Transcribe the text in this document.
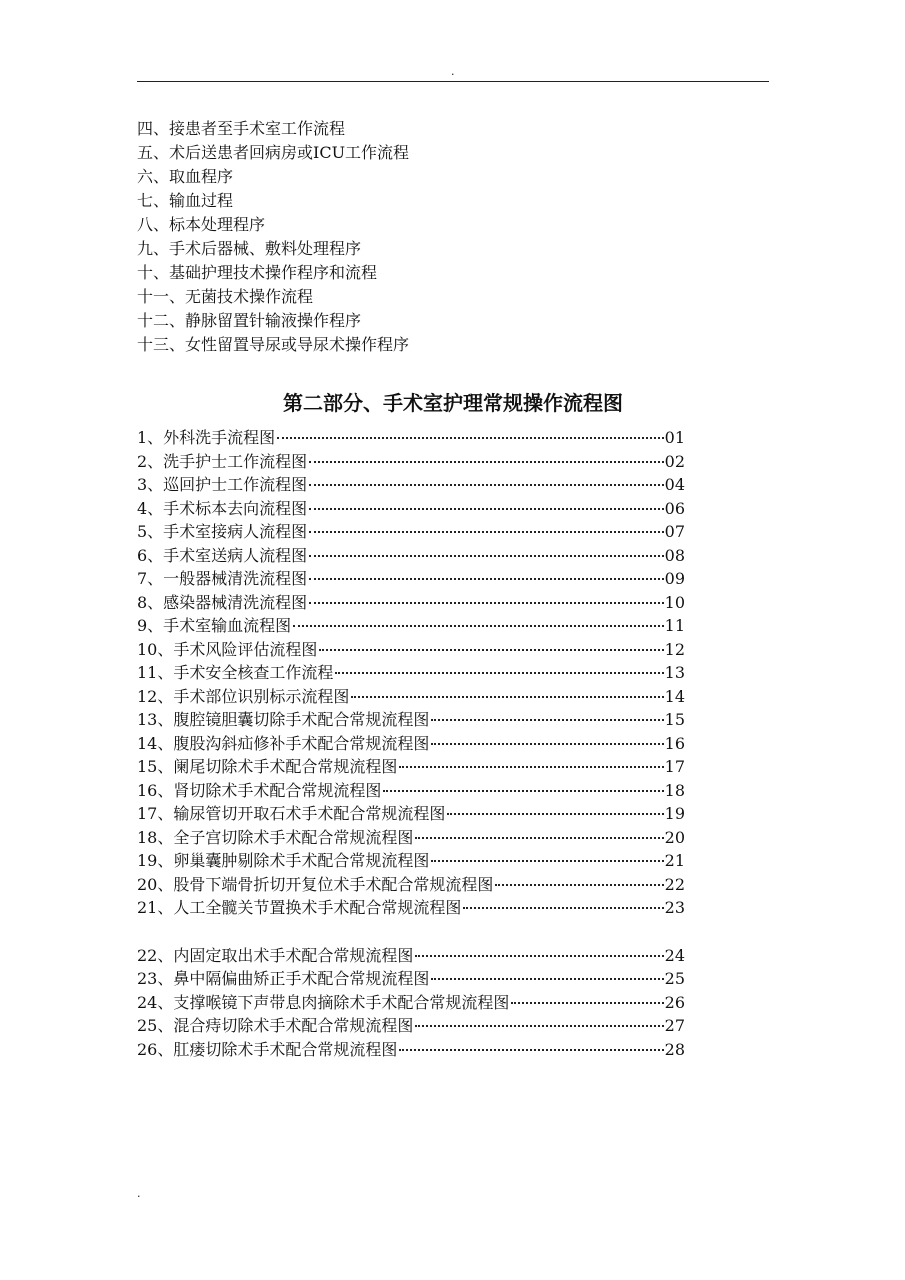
.
四、接患者至手术室工作流程
五、术后送患者回病房或ICU工作流程
六、取血程序
七、输血过程
八、标本处理程序
九、手术后器械、敷料处理程序
十、基础护理技术操作程序和流程
十一、无菌技术操作流程
十二、静脉留置针输液操作程序
十三、女性留置导尿或导尿术操作程序
第二部分、手术室护理常规操作流程图
1、外科洗手流程图	01
2、洗手护士工作流程图	02
3、巡回护士工作流程图	04
4、手术标本去向流程图	06
5、手术室接病人流程图	07
6、手术室送病人流程图	08
7、一般器械清洗流程图	09
8、感染器械清洗流程图	10
9、手术室输血流程图	11
10、手术风险评估流程图	12
11、手术安全核查工作流程	13
12、手术部位识别标示流程图	14
13、腹腔镜胆囊切除手术配合常规流程图	15
14、腹股沟斜疝修补手术配合常规流程图	16
15、阑尾切除术手术配合常规流程图	17
16、肾切除术手术配合常规流程图	18
17、输尿管切开取石术手术配合常规流程图	19
18、全子宫切除术手术配合常规流程图	20
19、卵巢囊肿剔除术手术配合常规流程图	21
20、股骨下端骨折切开复位术手术配合常规流程图	22
21、人工全髋关节置换术手术配合常规流程图	23
22、内固定取出术手术配合常规流程图	24
23、鼻中隔偏曲矫正手术配合常规流程图	25
24、支撑喉镜下声带息肉摘除术手术配合常规流程图	26
25、混合痔切除术手术配合常规流程图	27
26、肛瘘切除术手术配合常规流程图	28
.
